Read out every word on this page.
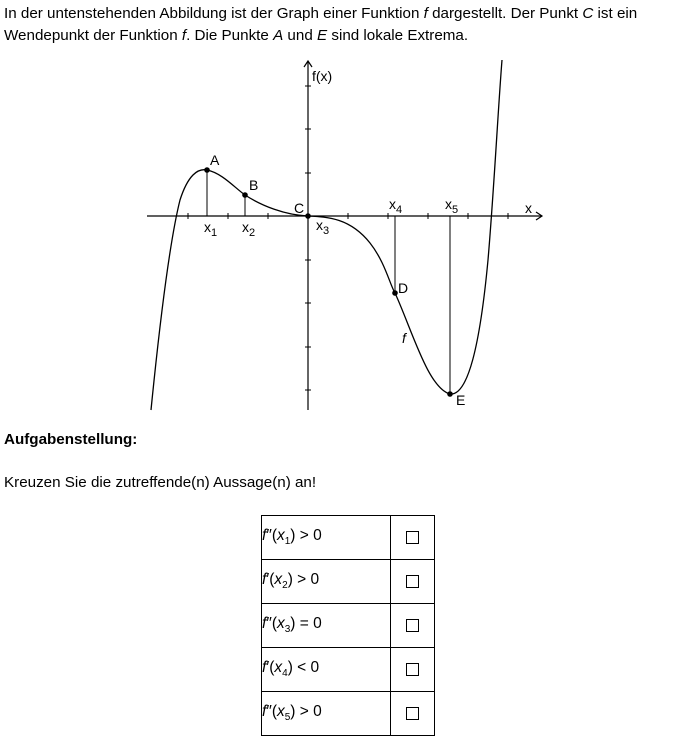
In der untenstehenden Abbildung ist der Graph einer Funktion f dargestellt. Der Punkt C ist ein Wendepunkt der Funktion f. Die Punkte A und E sind lokale Extrema.

f(x)
x
A
B
C
D
E
f
$x_1$ $x_2$	$x_3$
$x_4$	$x_5$

Aufgabenstellung:

Kreuzen Sie die zutreffende(n) Aussage(n) an!

$f''(x_1) > 0$	
$f'(x_2) > 0$	
$f''(x_3) = 0$	
$f'(x_4) < 0$	
$f''(x_5) > 0$	
